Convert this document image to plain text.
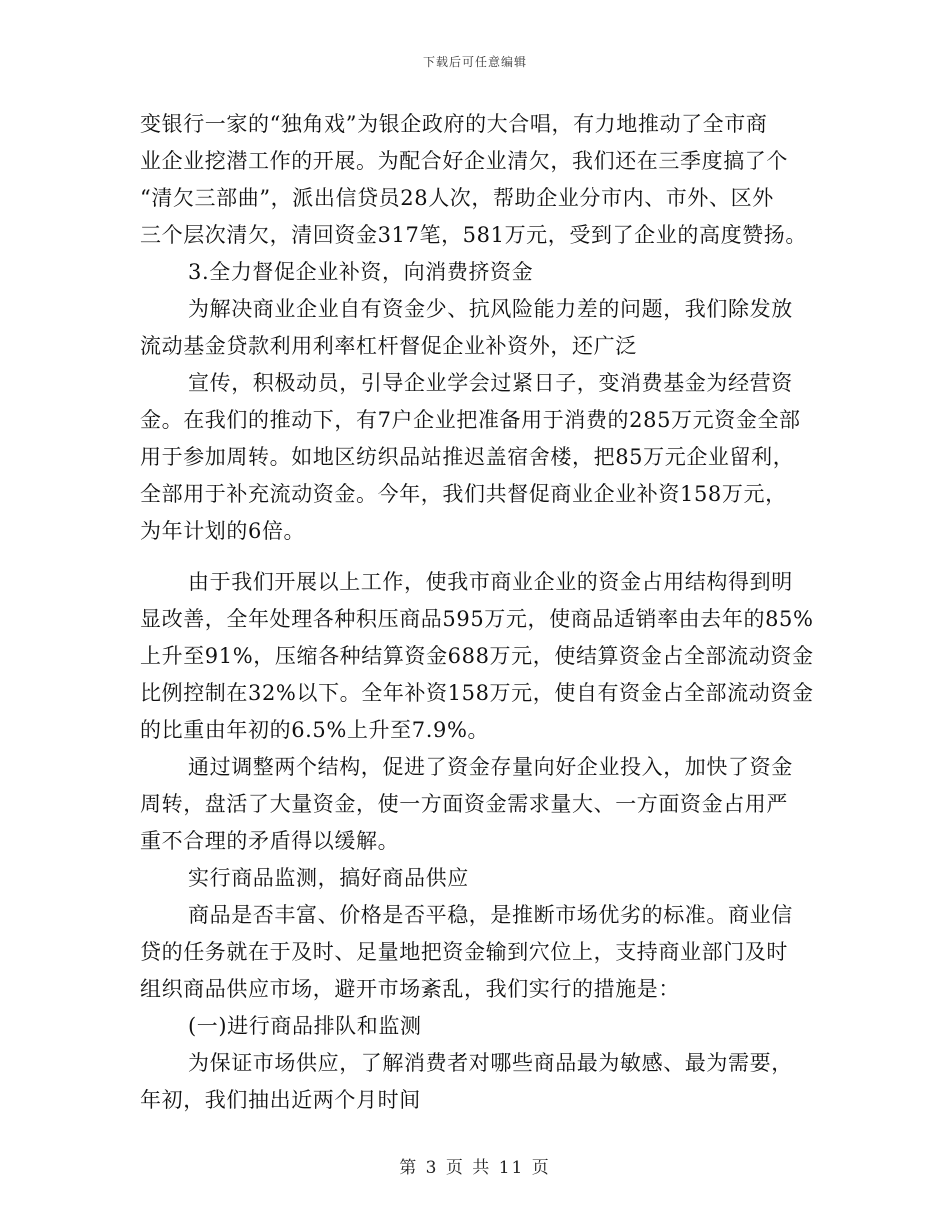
下载后可任意编辑
变银行一家的“独角戏”为银企政府的大合唱，有力地推动了全市商
业企业挖潜工作的开展。为配合好企业清欠，我们还在三季度搞了个
“清欠三部曲”，派出信贷员28人次，帮助企业分市内、市外、区外
三个层次清欠，清回资金317笔，581万元，受到了企业的高度赞扬。
3.全力督促企业补资，向消费挤资金
为解决商业企业自有资金少、抗风险能力差的问题，我们除发放
流动基金贷款利用利率杠杆督促企业补资外，还广泛
宣传，积极动员，引导企业学会过紧日子，变消费基金为经营资
金。在我们的推动下，有7户企业把准备用于消费的285万元资金全部
用于参加周转。如地区纺织品站推迟盖宿舍楼，把85万元企业留利，
全部用于补充流动资金。今年，我们共督促商业企业补资158万元，
为年计划的6倍。
由于我们开展以上工作，使我市商业企业的资金占用结构得到明
显改善，全年处理各种积压商品595万元，使商品适销率由去年的85%
上升至91%，压缩各种结算资金688万元，使结算资金占全部流动资金
比例控制在32%以下。全年补资158万元，使自有资金占全部流动资金
的比重由年初的6.5%上升至7.9%。
通过调整两个结构，促进了资金存量向好企业投入，加快了资金
周转，盘活了大量资金，使一方面资金需求量大、一方面资金占用严
重不合理的矛盾得以缓解。
实行商品监测，搞好商品供应
商品是否丰富、价格是否平稳，是推断市场优劣的标准。商业信
贷的任务就在于及时、足量地把资金输到穴位上，支持商业部门及时
组织商品供应市场，避开市场紊乱，我们实行的措施是：
(一)进行商品排队和监测
为保证市场供应，了解消费者对哪些商品最为敏感、最为需要，
年初，我们抽出近两个月时间
第 3 页 共 11 页
